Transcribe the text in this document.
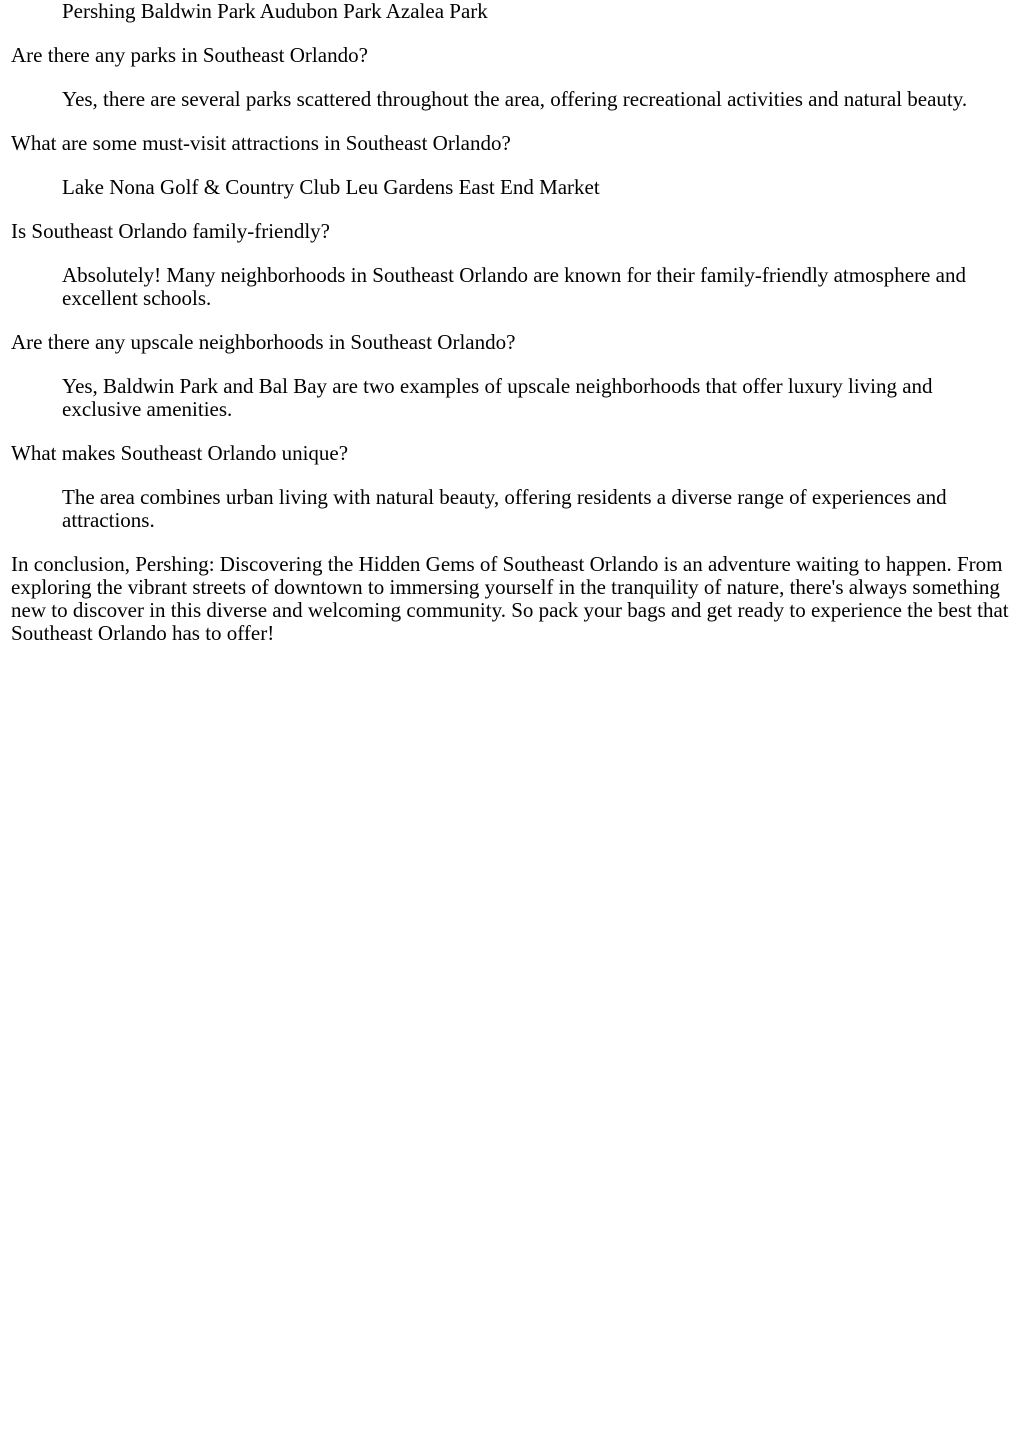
Pershing Baldwin Park Audubon Park Azalea Park
Are there any parks in Southeast Orlando?
Yes, there are several parks scattered throughout the area, offering recreational activities and natural beauty.
What are some must-visit attractions in Southeast Orlando?
Lake Nona Golf & Country Club Leu Gardens East End Market
Is Southeast Orlando family-friendly?
Absolutely! Many neighborhoods in Southeast Orlando are known for their family-friendly atmosphere and excellent schools.
Are there any upscale neighborhoods in Southeast Orlando?
Yes, Baldwin Park and Bal Bay are two examples of upscale neighborhoods that offer luxury living and exclusive amenities.
What makes Southeast Orlando unique?
The area combines urban living with natural beauty, offering residents a diverse range of experiences and attractions.

In conclusion, Pershing: Discovering the Hidden Gems of Southeast Orlando is an adventure waiting to happen. From exploring the vibrant streets of downtown to immersing yourself in the tranquility of nature, there's always something new to discover in this diverse and welcoming community. So pack your bags and get ready to experience the best that Southeast Orlando has to offer!
